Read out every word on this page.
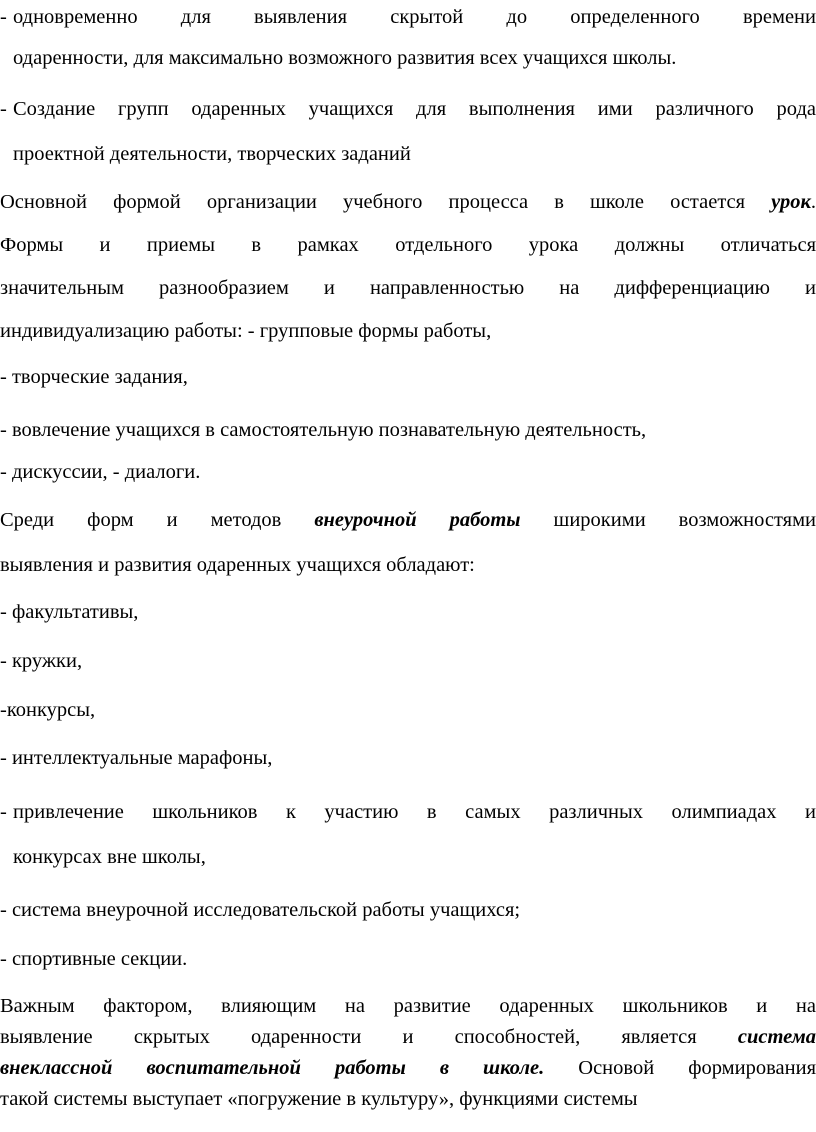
- одновременно для выявления скрытой до определенного времени
одаренности, для максимально возможного развития всех учащихся школы.
- Создание групп одаренных учащихся для выполнения ими различного рода
проектной деятельности, творческих заданий
Основной формой организации учебного процесса в школе остается урок.
Формы и приемы в рамках отдельного урока должны отличаться
значительным разнообразием и направленностью на дифференциацию и
индивидуализацию работы: - групповые формы работы,
- творческие задания,
- вовлечение учащихся в самостоятельную познавательную деятельность,
- дискуссии, - диалоги.
Среди форм и методов внеурочной работы широкими возможностями
выявления и развития одаренных учащихся обладают:
- факультативы,
- кружки,
-конкурсы,
- интеллектуальные марафоны,
- привлечение школьников к участию в самых различных олимпиадах и
конкурсах вне школы,
- система внеурочной исследовательской работы учащихся;
- спортивные секции.
Важным фактором, влияющим на развитие одаренных школьников и на
выявление скрытых одаренности и способностей, является система
внеклассной воспитательной работы в школе. Основой формирования
такой системы выступает «погружение в культуру», функциями системы
